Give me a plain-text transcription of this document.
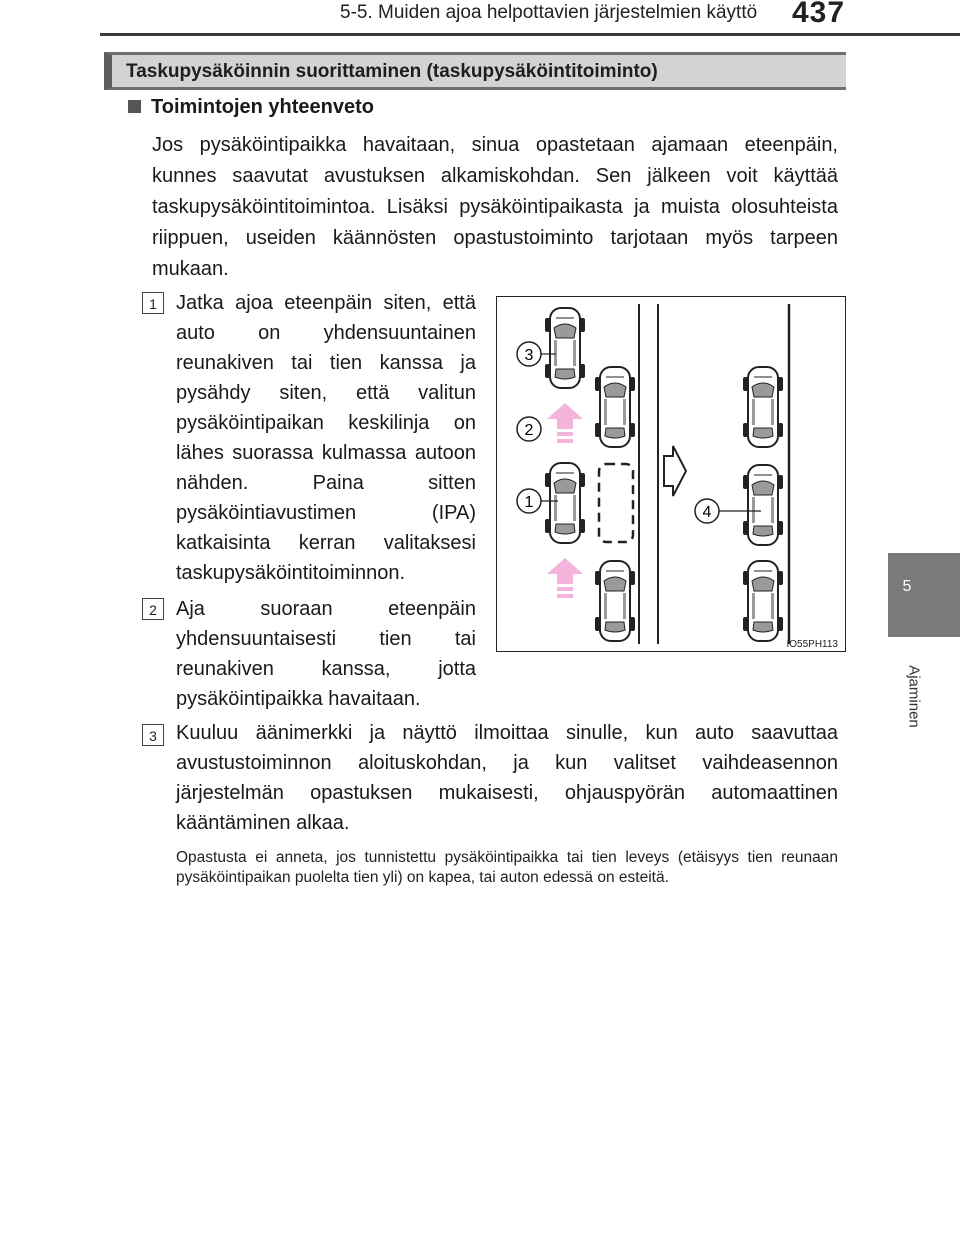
5-5. Muiden ajoa helpottavien järjestelmien käyttö 437
5
Ajaminen
Taskupysäköinnin suorittaminen (taskupysäköintitoiminto)
Toimintojen yhteenveto
Jos pysäköintipaikka havaitaan, sinua opastetaan ajamaan eteenpäin, kunnes saavutat avustuksen alkamiskohdan. Sen jälkeen voit käyttää taskupysäköintitoimintoa. Lisäksi pysäköintipaikasta ja muista olosuhteista riippuen, useiden käännösten opastustoiminto tarjotaan myös tarpeen mukaan.
1 Jatka ajoa eteenpäin siten, että auto on yhdensuuntainen reunakiven tai tien kanssa ja pysähdy siten, että valitun pysäköintipaikan keskilinja on lähes suorassa kulmassa autoon nähden. Paina sitten pysäköintiavustimen (IPA) katkaisinta kerran valitaksesi taskupysäköintitoiminnon.
2 Aja suoraan eteenpäin yhdensuuntaisesti tien tai reunakiven kanssa, jotta pysäköintipaikka havaitaan.
3 Kuuluu äänimerkki ja näyttö ilmoittaa sinulle, kun auto saavuttaa avustustoiminnon aloituskohdan, ja kun valitset vaihdeasennon järjestelmän opastuksen mukaisesti, ohjauspyörän automaattinen kääntäminen alkaa.
Opastusta ei anneta, jos tunnistettu pysäköintipaikka tai tien leveys (etäisyys tien reunaan pysäköintipaikan puolelta tien yli) on kapea, tai auton edessä on esteitä.
3
2
1
4
IO55PH113
